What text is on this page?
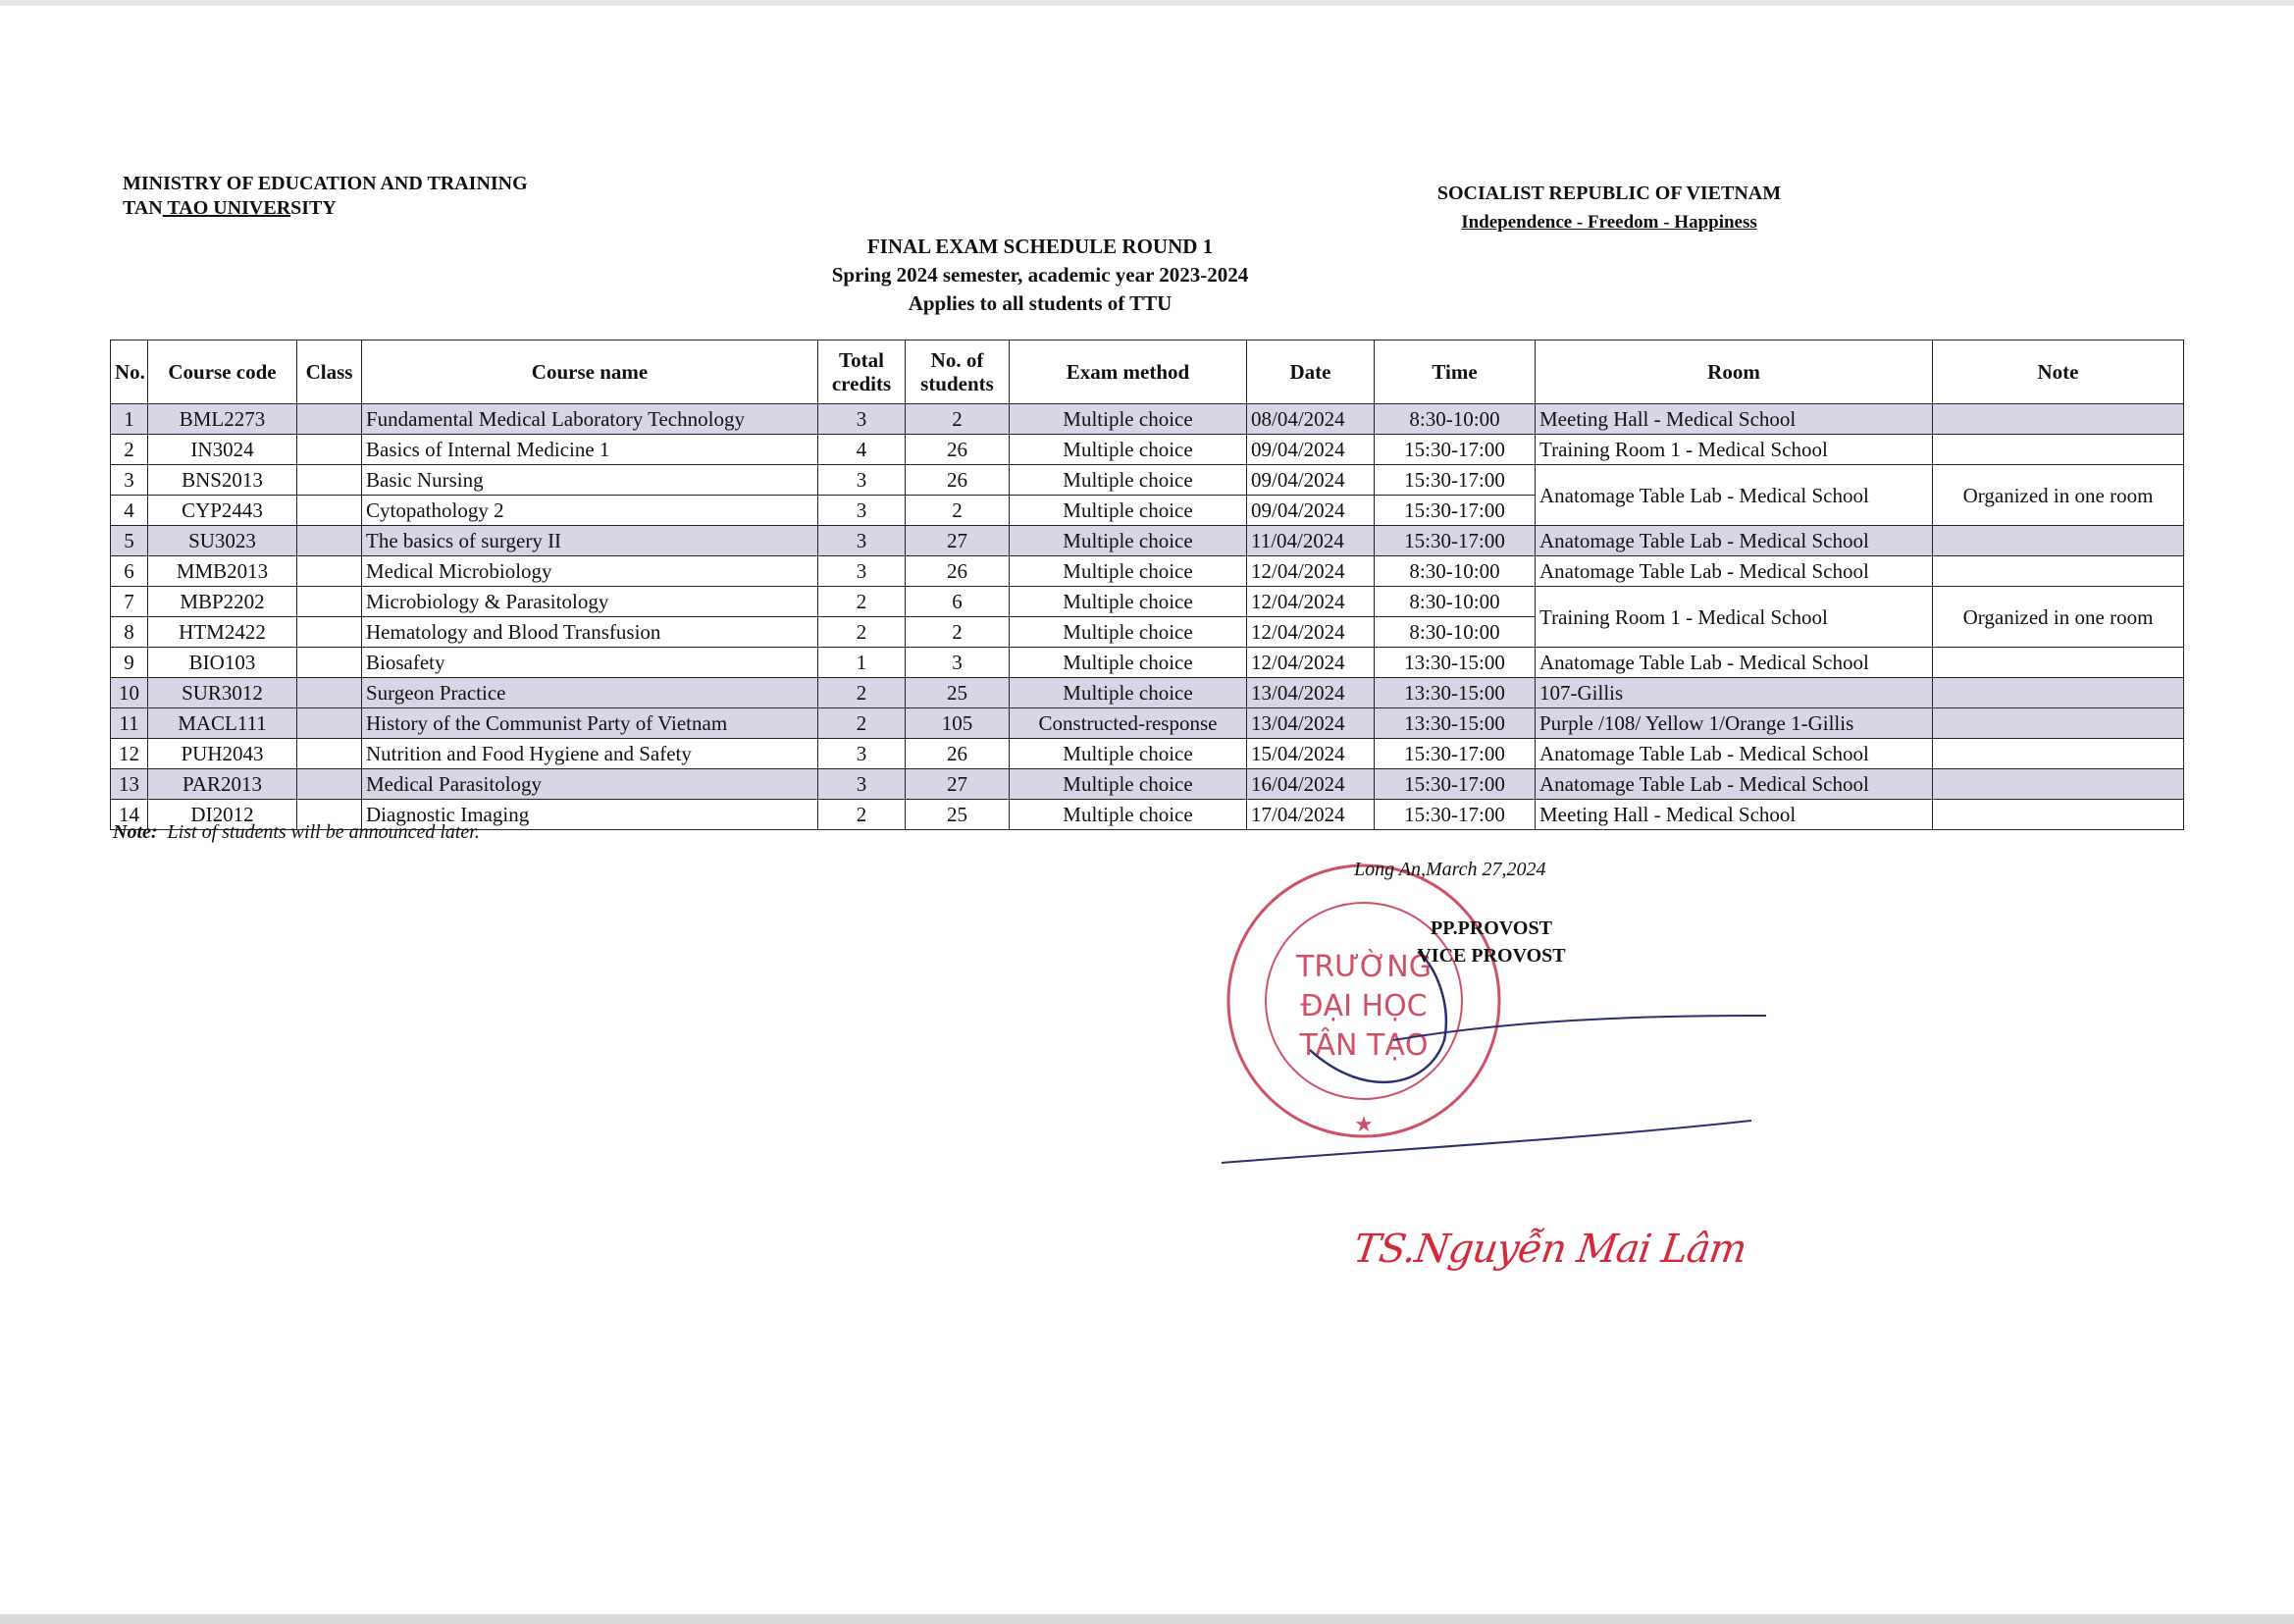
MINISTRY OF EDUCATION AND TRAINING
TAN TAO UNIVERSITY
SOCIALIST REPUBLIC OF VIETNAM
Independence - Freedom - Happiness
FINAL EXAM SCHEDULE ROUND 1
Spring 2024 semester, academic year 2023-2024
Applies to all students of TTU
No.	Course code	Class	Course name	Total credits	No. of students	Exam method	Date	Time	Room	Note
1	BML2273		Fundamental Medical Laboratory Technology	3	2	Multiple choice	08/04/2024	8:30-10:00	Meeting Hall - Medical School	
2	IN3024		Basics of Internal Medicine 1	4	26	Multiple choice	09/04/2024	15:30-17:00	Training Room 1 - Medical School	
3	BNS2013		Basic Nursing	3	26	Multiple choice	09/04/2024	15:30-17:00	Anatomage Table Lab - Medical School	Organized in one room
4	CYP2443		Cytopathology 2	3	2	Multiple choice	09/04/2024	15:30-17:00		
5	SU3023		The basics of surgery II	3	27	Multiple choice	11/04/2024	15:30-17:00	Anatomage Table Lab - Medical School	
6	MMB2013		Medical Microbiology	3	26	Multiple choice	12/04/2024	8:30-10:00	Anatomage Table Lab - Medical School	
7	MBP2202		Microbiology & Parasitology	2	6	Multiple choice	12/04/2024	8:30-10:00	Training Room 1 - Medical School	Organized in one room
8	HTM2422		Hematology and Blood Transfusion	2	2	Multiple choice	12/04/2024	8:30-10:00		
9	BIO103		Biosafety	1	3	Multiple choice	12/04/2024	13:30-15:00	Anatomage Table Lab - Medical School	
10	SUR3012		Surgeon Practice	2	25	Multiple choice	13/04/2024	13:30-15:00	107-Gillis	
11	MACL111		History of the Communist Party of Vietnam	2	105	Constructed-response	13/04/2024	13:30-15:00	Purple /108/ Yellow 1/Orange 1-Gillis	
12	PUH2043		Nutrition and Food Hygiene and Safety	3	26	Multiple choice	15/04/2024	15:30-17:00	Anatomage Table Lab - Medical School	
13	PAR2013		Medical Parasitology	3	27	Multiple choice	16/04/2024	15:30-17:00	Anatomage Table Lab - Medical School	
14	DI2012		Diagnostic Imaging	2	25	Multiple choice	17/04/2024	15:30-17:00	Meeting Hall - Medical School	
Note: List of students will be announced later.
TRƯỜNG
ĐẠI HỌC
TÂN TẠO
★
Long An,March 27,2024
PP.PROVOST
VICE PROVOST
TS.Nguyễn Mai Lâm
